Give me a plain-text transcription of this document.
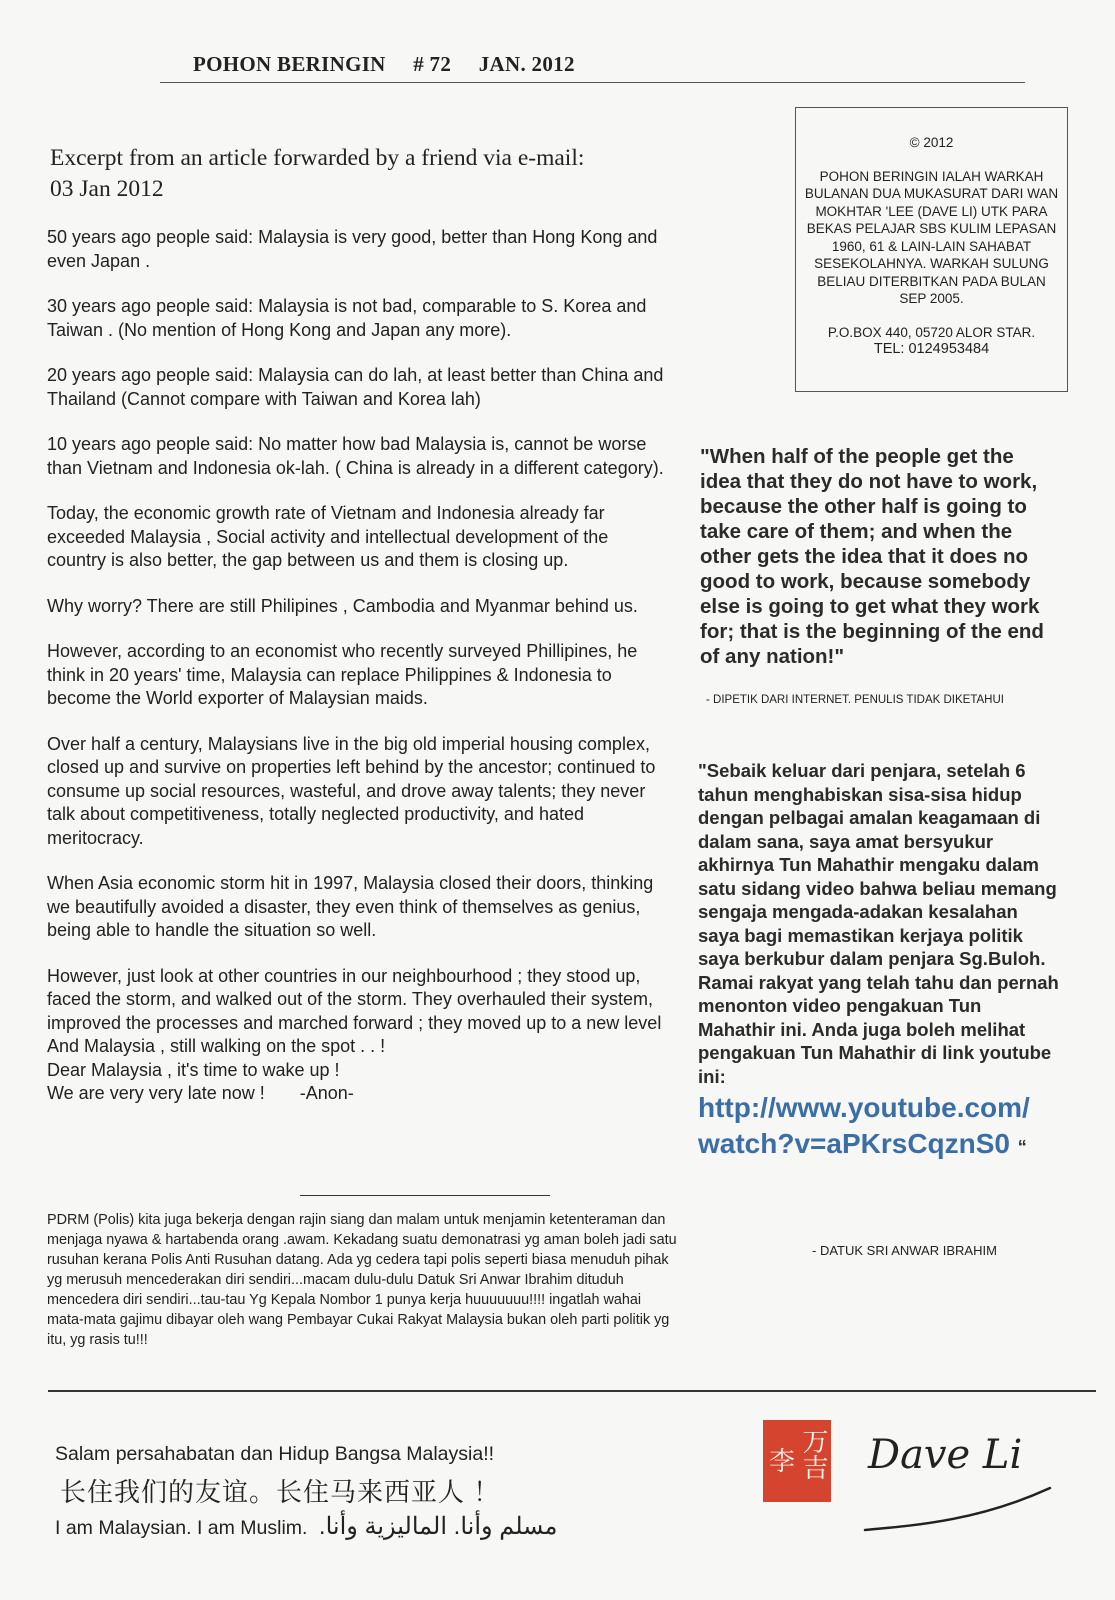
POHON BERINGIN # 72 JAN. 2012
Excerpt from an article forwarded by a friend via e-mail:
03 Jan 2012

50 years ago people said: Malaysia is very good, better than Hong Kong and even Japan .

30 years ago people said: Malaysia is not bad, comparable to S. Korea and Taiwan . (No mention of Hong Kong and Japan any more).

20 years ago people said: Malaysia can do lah, at least better than China and Thailand (Cannot compare with Taiwan and Korea lah)

10 years ago people said: No matter how bad Malaysia is, cannot be worse than Vietnam and Indonesia ok-lah. ( China is already in a different category).

Today, the economic growth rate of Vietnam and Indonesia already far exceeded Malaysia , Social activity and intellectual development of the country is also better, the gap between us and them is closing up.

Why worry? There are still Philipines , Cambodia and Myanmar behind us.

However, according to an economist who recently surveyed Phillipines, he think in 20 years' time, Malaysia can replace Philippines & Indonesia to become the World exporter of Malaysian maids.

Over half a century, Malaysians live in the big old imperial housing complex, closed up and survive on properties left behind by the ancestor; continued to consume up social resources, wasteful, and drove away talents; they never talk about competitiveness, totally neglected productivity, and hated meritocracy.

When Asia economic storm hit in 1997, Malaysia closed their doors, thinking we beautifully avoided a disaster, they even think of themselves as genius, being able to handle the situation so well.

However, just look at other countries in our neighbourhood ; they stood up, faced the storm, and walked out of the storm. They overhauled their system, improved the processes and marched forward ; they moved up to a new level And Malaysia , still walking on the spot . . !
Dear Malaysia , it's time to wake up !
We are very very late now ! -Anon-
PDRM (Polis) kita juga bekerja dengan rajin siang dan malam untuk menjamin ketenteraman dan menjaga nyawa & hartabenda orang .awam. Kekadang suatu demonatrasi yg aman boleh jadi satu rusuhan kerana Polis Anti Rusuhan datang. Ada yg cedera tapi polis seperti biasa menuduh pihak yg merusuh mencederakan diri sendiri...macam dulu-dulu Datuk Sri Anwar Ibrahim dituduh mencedera diri sendiri...tau-tau Yg Kepala Nombor 1 punya kerja huuuuuuu!!!! ingatlah wahai mata-mata gajimu dibayar oleh wang Pembayar Cukai Rakyat Malaysia bukan oleh parti politik yg itu, yg rasis tu!!!
© 2012
POHON BERINGIN IALAH WARKAH BULANAN DUA MUKASURAT DARI WAN MOKHTAR 'LEE (DAVE LI) UTK PARA BEKAS PELAJAR SBS KULIM LEPASAN 1960, 61 & LAIN-LAIN SAHABAT SESEKOLAHNYA. WARKAH SULUNG BELIAU DITERBITKAN PADA BULAN SEP 2005.
P.O.BOX 440, 05720 ALOR STAR.
TEL: 0124953484
"When half of the people get the idea that they do not have to work, because the other half is going to take care of them; and when the other gets the idea that it does no good to work, because somebody else is going to get what they work for; that is the beginning of the end of any nation!"
- DIPETIK DARI INTERNET. PENULIS TIDAK DIKETAHUI
"Sebaik keluar dari penjara, setelah 6 tahun menghabiskan sisa-sisa hidup dengan pelbagai amalan keagamaan di dalam sana, saya amat bersyukur akhirnya Tun Mahathir mengaku dalam satu sidang video bahwa beliau memang sengaja mengada-adakan kesalahan saya bagi memastikan kerjaya politik saya berkubur dalam penjara Sg.Buloh. Ramai rakyat yang telah tahu dan pernah menonton video pengakuan Tun Mahathir ini. Anda juga boleh melihat pengakuan Tun Mahathir di link youtube ini:
http://www.youtube.com/watch?v=aPKrsCqznS0 “
- DATUK SRI ANWAR IBRAHIM
Salam persahabatan dan Hidup Bangsa Malaysia!!
长住我们的友谊。长住马来西亚人 ！
I am Malaysian. I am Muslim. مسلم وأنا. الماليزية وأنا.
李 万吉 Dave Li
